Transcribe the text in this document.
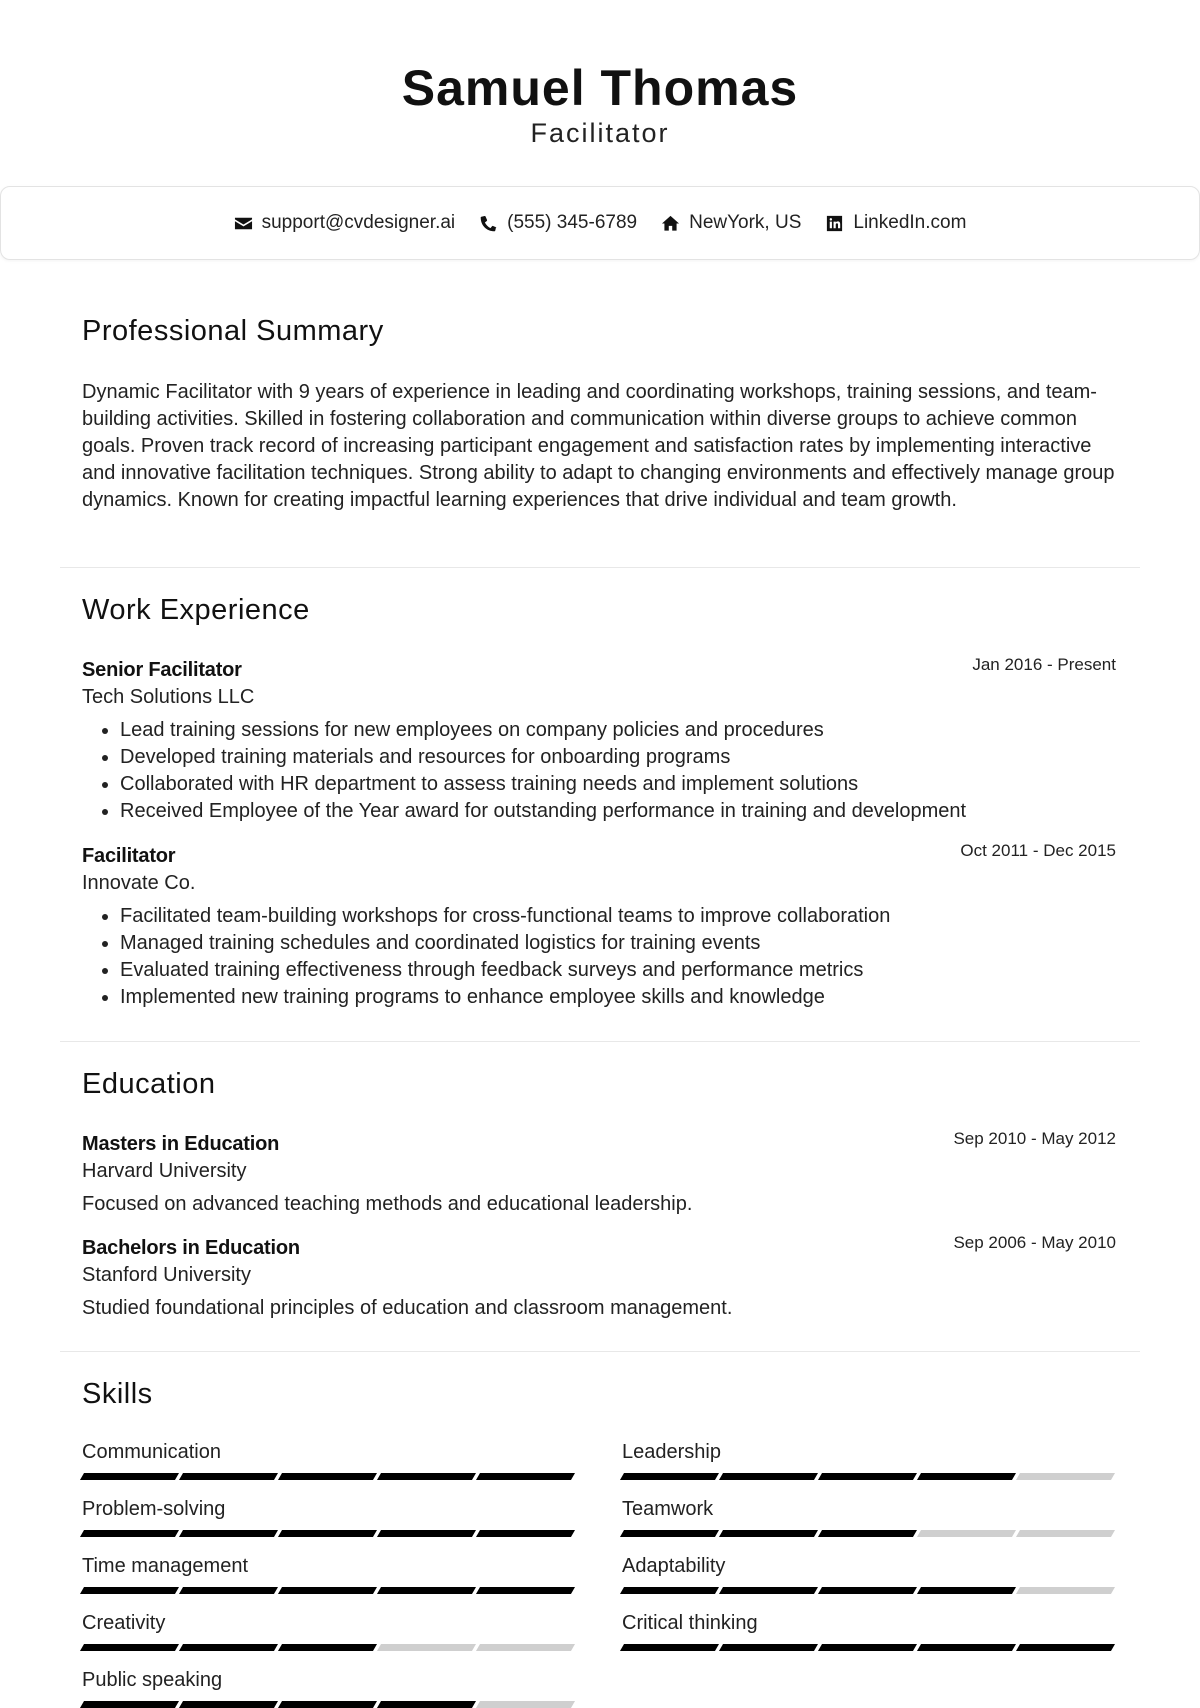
Samuel Thomas
Facilitator
support@cvdesigner.ai	(555) 345-6789	NewYork, US	LinkedIn.com
Professional Summary
Dynamic Facilitator with 9 years of experience in leading and coordinating workshops, training sessions, and team-building activities. Skilled in fostering collaboration and communication within diverse groups to achieve common goals. Proven track record of increasing participant engagement and satisfaction rates by implementing interactive and innovative facilitation techniques. Strong ability to adapt to changing environments and effectively manage group dynamics. Known for creating impactful learning experiences that drive individual and team growth.
Work Experience
Senior Facilitator	Jan 2016 - Present
Tech Solutions LLC
• Lead training sessions for new employees on company policies and procedures
• Developed training materials and resources for onboarding programs
• Collaborated with HR department to assess training needs and implement solutions
• Received Employee of the Year award for outstanding performance in training and development
Facilitator	Oct 2011 - Dec 2015
Innovate Co.
• Facilitated team-building workshops for cross-functional teams to improve collaboration
• Managed training schedules and coordinated logistics for training events
• Evaluated training effectiveness through feedback surveys and performance metrics
• Implemented new training programs to enhance employee skills and knowledge
Education
Masters in Education	Sep 2010 - May 2012
Harvard University
Focused on advanced teaching methods and educational leadership.
Bachelors in Education	Sep 2006 - May 2010
Stanford University
Studied foundational principles of education and classroom management.
Skills
Communication	Leadership
Problem-solving	Teamwork
Time management	Adaptability
Creativity	Critical thinking
Public speaking
